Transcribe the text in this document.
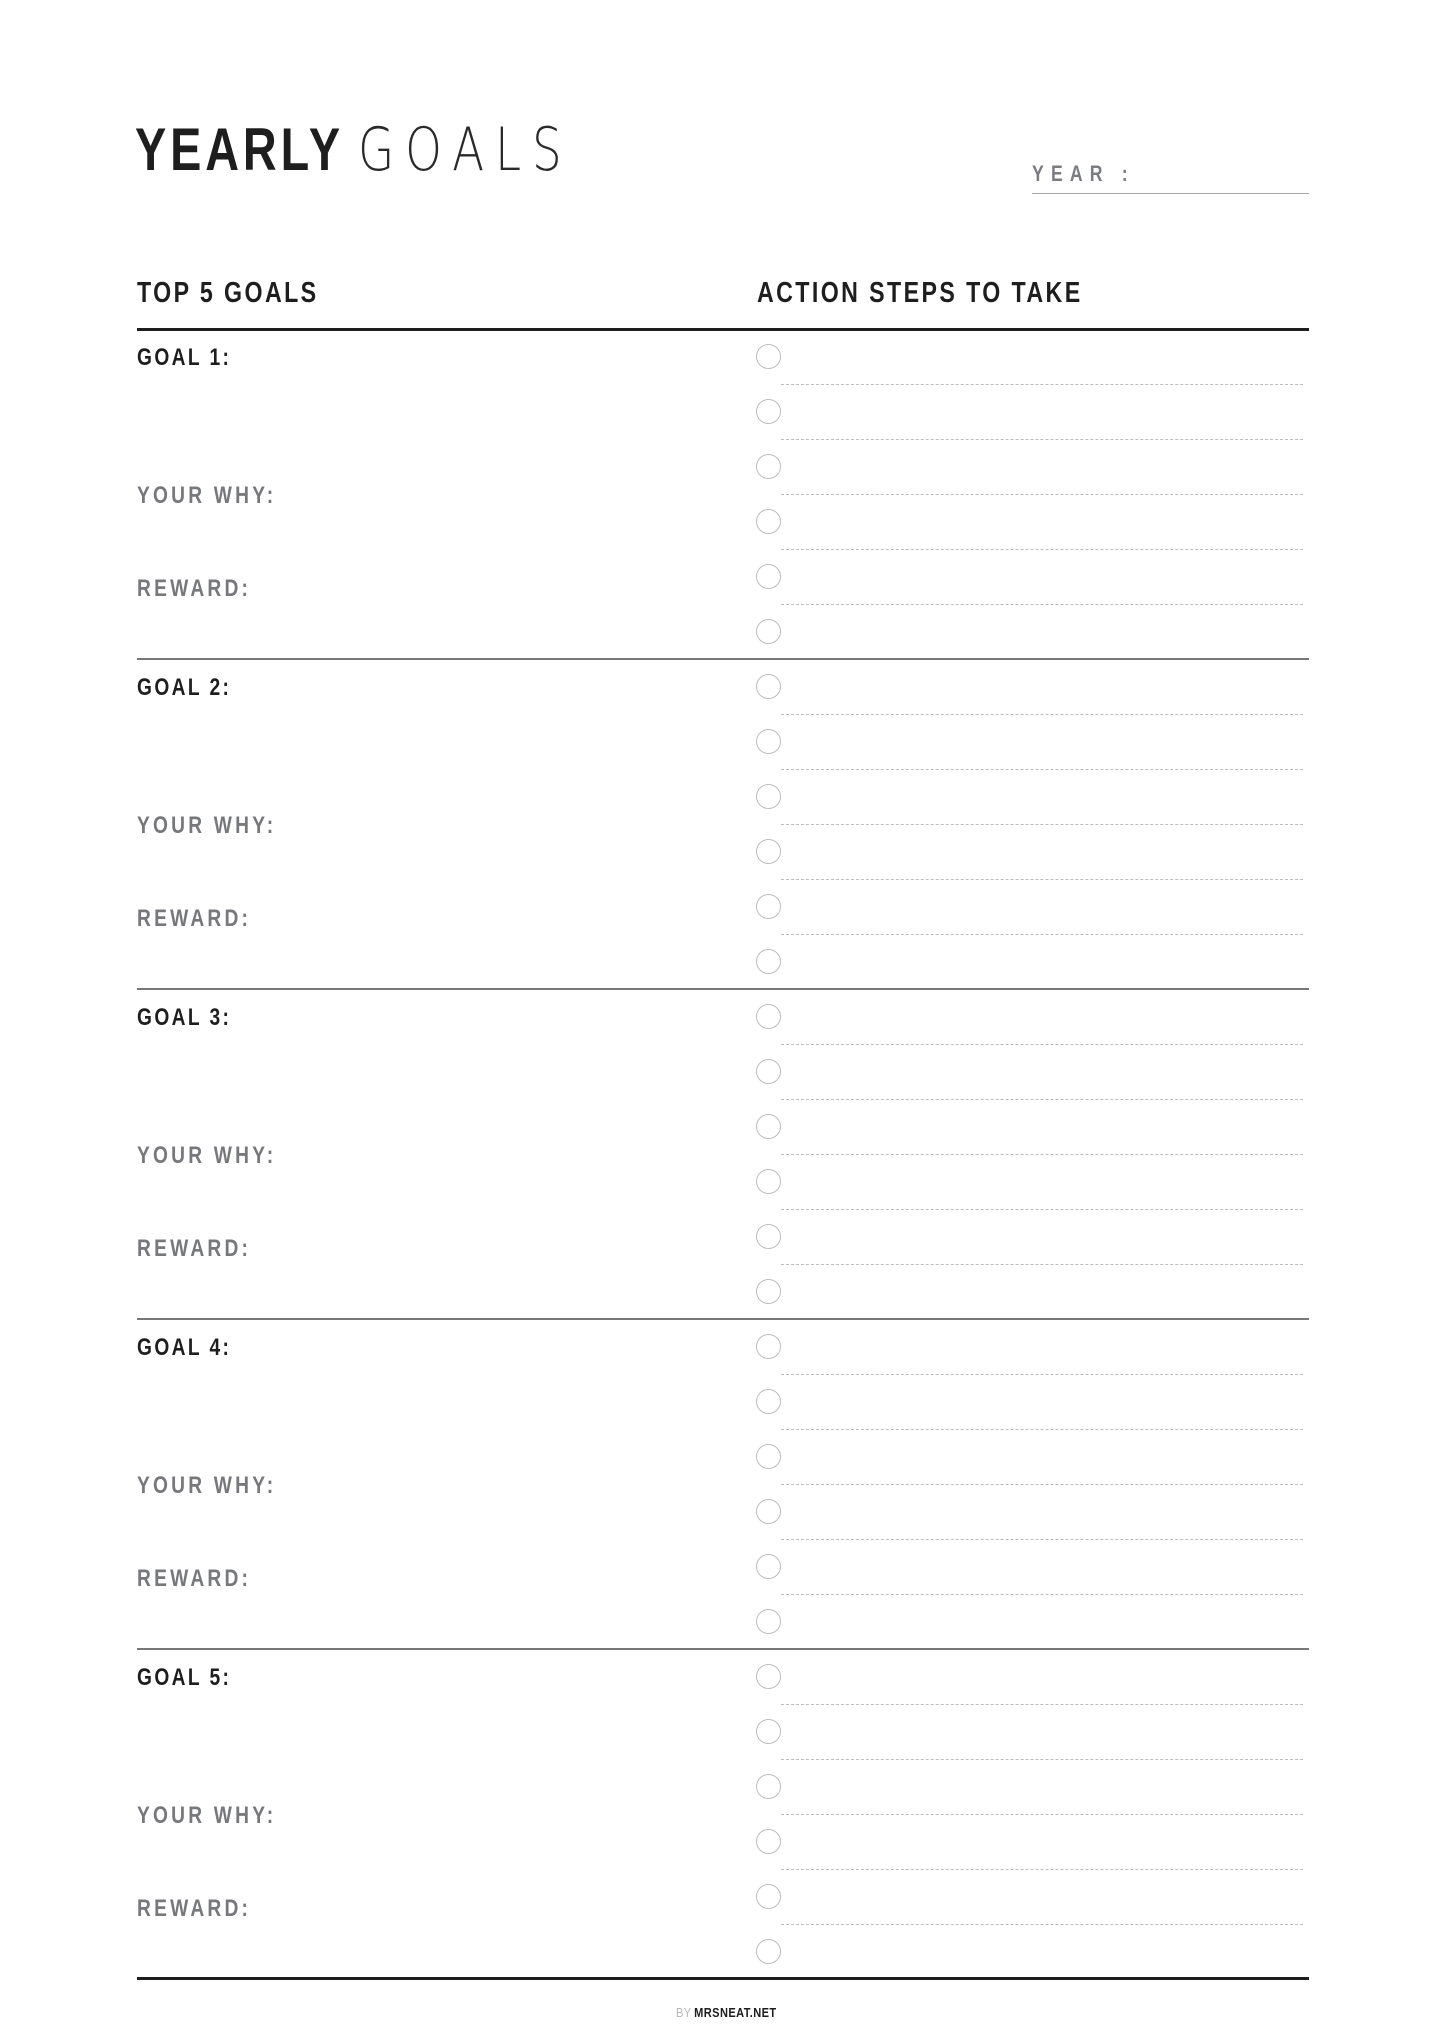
YEARLY GOALS	YEAR :
TOP 5 GOALS	ACTION STEPS TO TAKE
GOAL 1:
YOUR WHY:
REWARD:
GOAL 2:
YOUR WHY:
REWARD:
GOAL 3:
YOUR WHY:
REWARD:
GOAL 4:
YOUR WHY:
REWARD:
GOAL 5:
YOUR WHY:
REWARD:
BY MRSNEAT.NET
